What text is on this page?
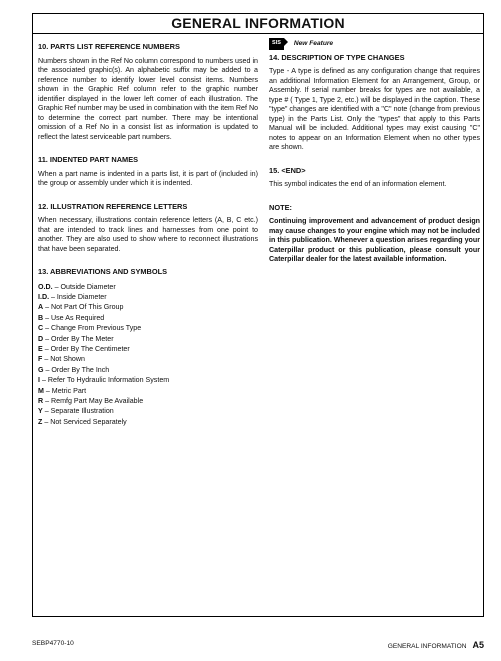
GENERAL INFORMATION

10. PARTS LIST REFERENCE NUMBERS

Numbers shown in the Ref No column correspond to numbers used in the associated graphic(s). An alphabetic suffix may be added to a reference number to identify lower level consist items. Numbers shown in the Graphic Ref column refer to the graphic number identifier displayed in the lower left corner of each illustration. The Graphic Ref number may be used in combination with the item Ref No to determine the correct part number. There may be intentional omission of a Ref No in a consist list as information is updated to reflect the latest serviceable part numbers.

11. INDENTED PART NAMES

When a part name is indented in a parts list, it is part of (included in) the group or assembly under which it is indented.

12. ILLUSTRATION REFERENCE LETTERS

When necessary, illustrations contain reference letters (A, B, C etc.) that are intended to track lines and harnesses from one point to another. They are also used to show where to reconnect illustrations that have been separated.

13. ABBREVIATIONS AND SYMBOLS

O.D. – Outside Diameter
I.D. – Inside Diameter
A – Not Part Of This Group
B – Use As Required
C – Change From Previous Type
D – Order By The Meter
E – Order By The Centimeter
F – Not Shown
G – Order By The Inch
I – Refer To Hydraulic Information System
M – Metric Part
R – Remfg Part May Be Available
Y – Separate Illustration
Z – Not Serviced Separately
SIS	New Feature

14. DESCRIPTION OF TYPE CHANGES

Type - A type is defined as any configuration change that requires an additional Information Element for an Arrangement, Group, or Assembly. If serial number breaks for types are not available, a type # ( Type 1, Type 2, etc.) will be displayed in the caption. These "type" changes are identified with a "C" note (change from previous type) in the Parts List. Only the "types" that apply to this Parts Manual will be included. Additional types may exist causing "C" notes to appear on an Information Element when no other types are shown.

15. <END>

This symbol indicates the end of an information element.

NOTE:

Continuing improvement and advancement of product design may cause changes to your engine which may not be included in this publication. Whenever a question arises regarding your Caterpillar product or this publication, please consult your Caterpillar dealer for the latest available information.

SEBP4770-10	GENERAL INFORMATION A5
